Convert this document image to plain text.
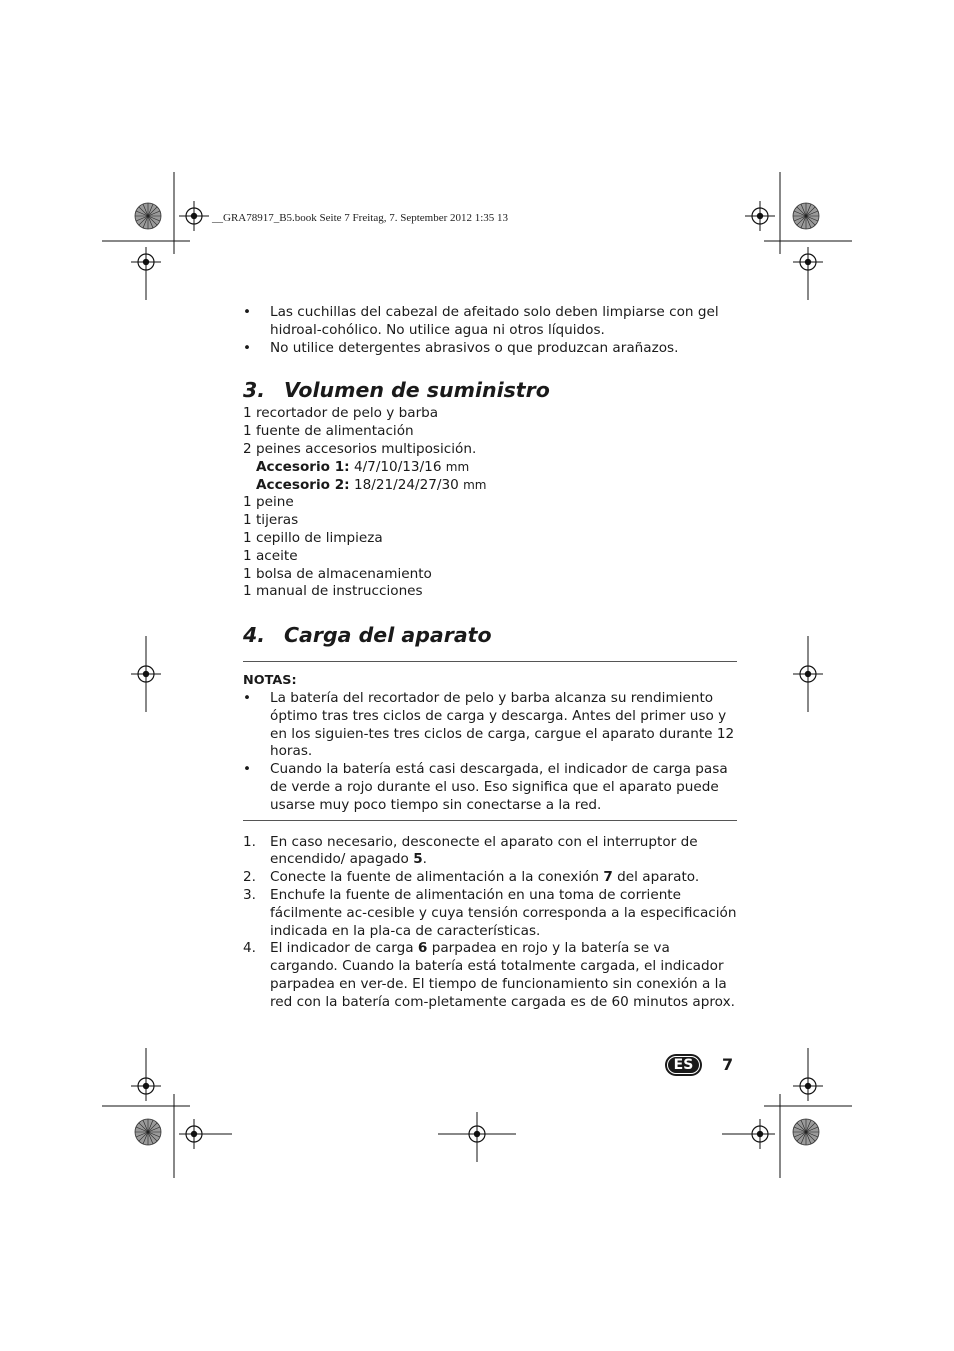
__GRA78917_B5.book Seite 7 Freitag, 7. September 2012 1:35 13
• Las cuchillas del cabezal de afeitado solo deben limpiarse con gel hidroal-cohólico. No utilice agua ni otros líquidos.
• No utilice detergentes abrasivos o que produzcan arañazos.
3. Volumen de suministro
1 recortador de pelo y barba
1 fuente de alimentación
2 peines accesorios multiposición.
Accesorio 1: 4/7/10/13/16 mm
Accesorio 2: 18/21/24/27/30 mm
1 peine
1 tijeras
1 cepillo de limpieza
1 aceite
1 bolsa de almacenamiento
1 manual de instrucciones
4. Carga del aparato
NOTAS:
• La batería del recortador de pelo y barba alcanza su rendimiento óptimo tras tres ciclos de carga y descarga. Antes del primer uso y en los siguien-tes tres ciclos de carga, cargue el aparato durante 12 horas.
• Cuando la batería está casi descargada, el indicador de carga pasa de verde a rojo durante el uso. Eso significa que el aparato puede usarse muy poco tiempo sin conectarse a la red.
1. En caso necesario, desconecte el aparato con el interruptor de encendido/ apagado 5.
2. Conecte la fuente de alimentación a la conexión 7 del aparato.
3. Enchufe la fuente de alimentación en una toma de corriente fácilmente ac-cesible y cuya tensión corresponda a la especificación indicada en la pla-ca de características.
4. El indicador de carga 6 parpadea en rojo y la batería se va cargando. Cuando la batería está totalmente cargada, el indicador parpadea en ver-de. El tiempo de funcionamiento sin conexión a la red con la batería com-pletamente cargada es de 60 minutos aprox.
ES	7
